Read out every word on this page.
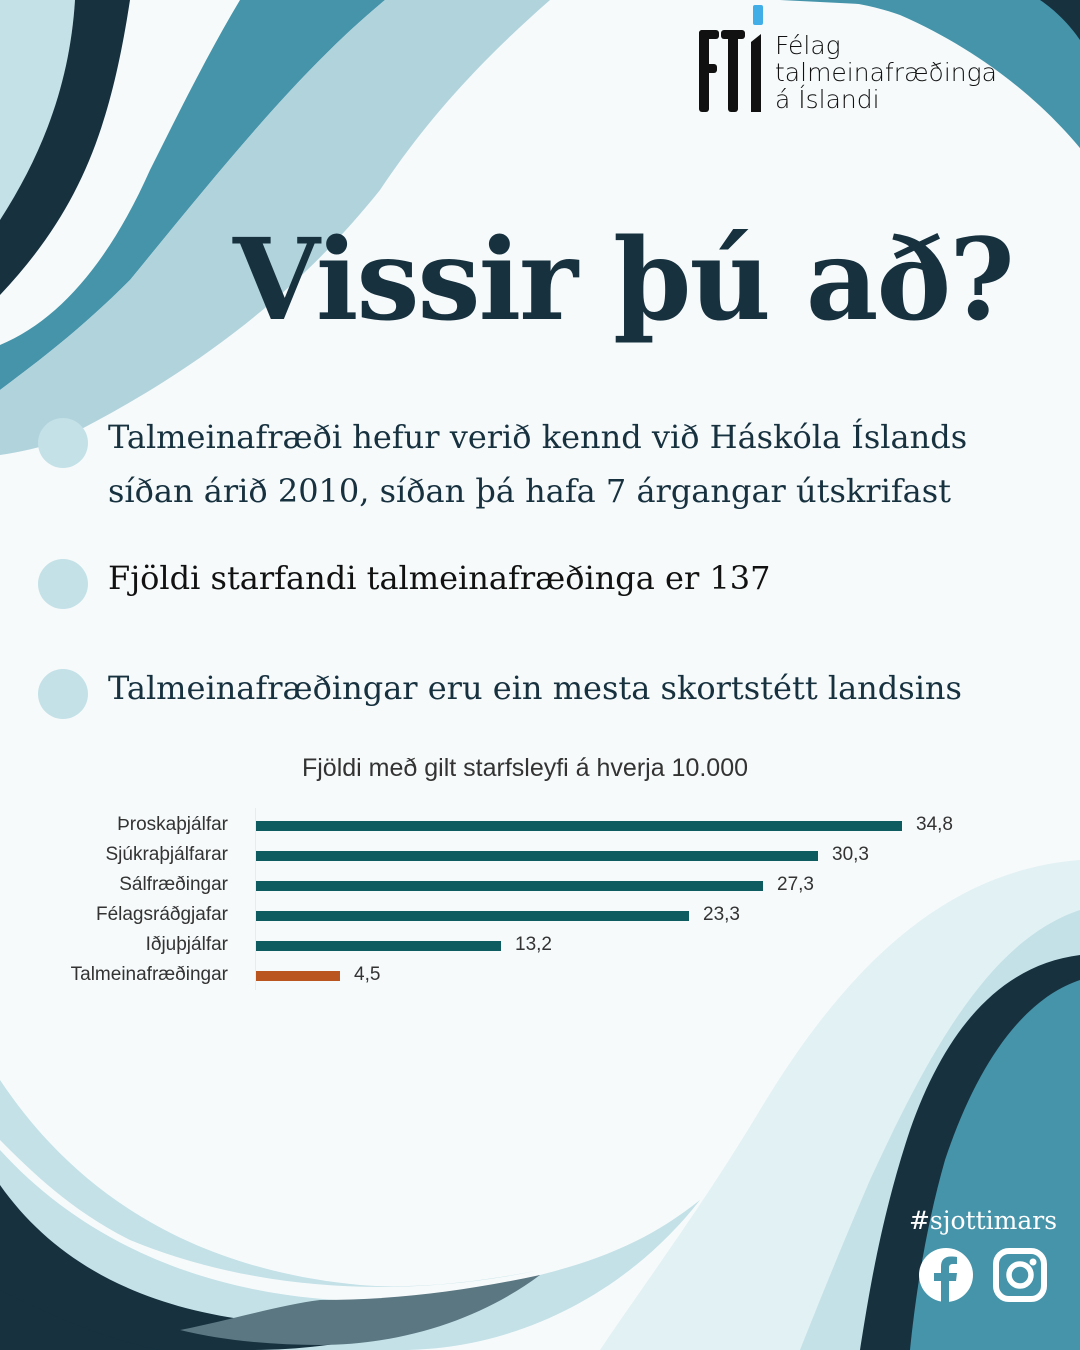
Félag
talmeinafræðinga
á Íslandi
Vissir þú að?
Talmeinafræði hefur verið kennd við Háskóla Íslands
síðan árið 2010, síðan þá hafa 7 árgangar útskrifast
Fjöldi starfandi talmeinafræðinga er 137
Talmeinafræðingar eru ein mesta skortstétt landsins
Fjöldi með gilt starfsleyfi á hverja 10.000
Þroskaþjálfar	34,8
Sjúkraþjálfarar	30,3
Sálfræðingar	27,3
Félagsráðgjafar	23,3
Iðjuþjálfar	13,2
Talmeinafræðingar	4,5
#sjottimars
